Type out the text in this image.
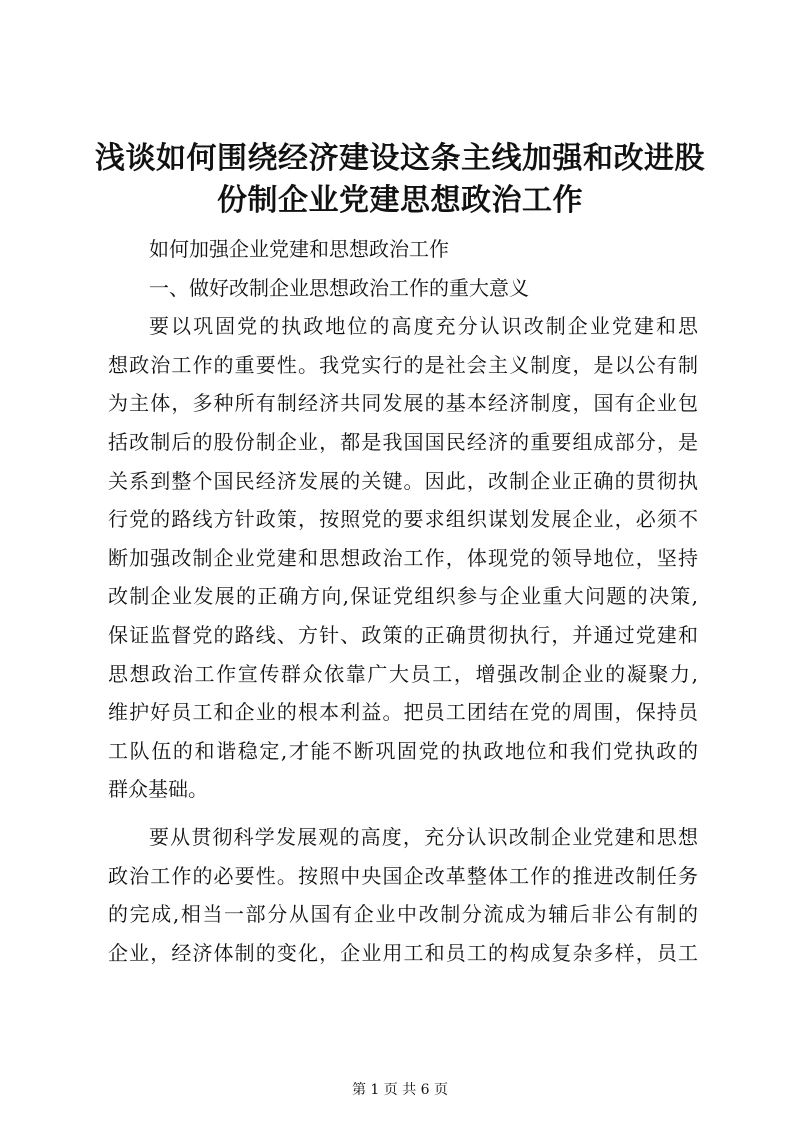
浅谈如何围绕经济建设这条主线加强和改进股
份制企业党建思想政治工作
如何加强企业党建和思想政治工作
一、做好改制企业思想政治工作的重大意义
要以巩固党的执政地位的高度充分认识改制企业党建和思
想政治工作的重要性。我党实行的是社会主义制度，是以公有制
为主体，多种所有制经济共同发展的基本经济制度，国有企业包
括改制后的股份制企业，都是我国国民经济的重要组成部分，是
关系到整个国民经济发展的关键。因此，改制企业正确的贯彻执
行党的路线方针政策，按照党的要求组织谋划发展企业，必须不
断加强改制企业党建和思想政治工作，体现党的领导地位，坚持
改制企业发展的正确方向,保证党组织参与企业重大问题的决策,
保证监督党的路线、方针、政策的正确贯彻执行，并通过党建和
思想政治工作宣传群众依靠广大员工，增强改制企业的凝聚力,
维护好员工和企业的根本利益。把员工团结在党的周围，保持员
工队伍的和谐稳定,才能不断巩固党的执政地位和我们党执政的
群众基础。
要从贯彻科学发展观的高度，充分认识改制企业党建和思想
政治工作的必要性。按照中央国企改革整体工作的推进改制任务
的完成,相当一部分从国有企业中改制分流成为辅后非公有制的
企业，经济体制的变化，企业用工和员工的构成复杂多样，员工
第 1 页 共 6 页
